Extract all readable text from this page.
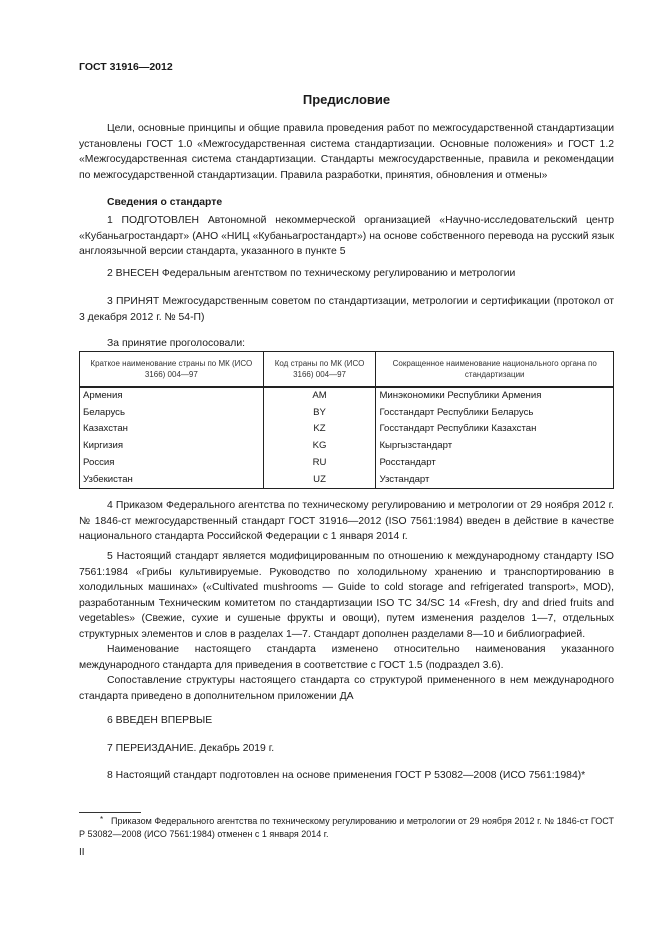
ГОСТ 31916—2012
Предисловие

Цели, основные принципы и общие правила проведения работ по межгосударственной стандартизации установлены ГОСТ 1.0 «Межгосударственная система стандартизации. Основные положения» и ГОСТ 1.2 «Межгосударственная система стандартизации. Стандарты межгосударственные, правила и рекомендации по межгосударственной стандартизации. Правила разработки, принятия, обновления и отмены»

Сведения о стандарте

1 ПОДГОТОВЛЕН Автономной некоммерческой организацией «Научно-исследовательский центр «Кубаньагростандарт» (АНО «НИЦ «Кубаньагростандарт») на основе собственного перевода на русский язык англоязычной версии стандарта, указанного в пункте 5

2 ВНЕСЕН Федеральным агентством по техническому регулированию и метрологии

3 ПРИНЯТ Межгосударственным советом по стандартизации, метрологии и сертификации (протокол от 3 декабря 2012 г. № 54-П)

За принятие проголосовали:
Краткое наименование страны по МК (ИСО 3166) 004—97	Код страны по МК (ИСО 3166) 004—97	Сокращенное наименование национального органа по стандартизации
Армения	AM	Минэкономики Республики Армения
Беларусь	BY	Госстандарт Республики Беларусь
Казахстан	KZ	Госстандарт Республики Казахстан
Киргизия	KG	Кыргызстандарт
Россия	RU	Росстандарт
Узбекистан	UZ	Узстандарт

4 Приказом Федерального агентства по техническому регулированию и метрологии от 29 ноября 2012 г. № 1846-ст межгосударственный стандарт ГОСТ 31916—2012 (ISO 7561:1984) введен в действие в качестве национального стандарта Российской Федерации с 1 января 2014 г.

5 Настоящий стандарт является модифицированным по отношению к международному стандарту ISO 7561:1984 «Грибы культивируемые. Руководство по холодильному хранению и транспортированию в холодильных машинах» («Cultivated mushrooms — Guide to cold storage and refrigerated transport», MOD), разработанным Техническим комитетом по стандартизации ISO TC 34/SC 14 «Fresh, dry and dried fruits and vegetables» (Свежие, сухие и сушеные фрукты и овощи), путем изменения разделов 1—7, отдельных структурных элементов и слов в разделах 1—7. Стандарт дополнен разделами 8—10 и библиографией.

Наименование настоящего стандарта изменено относительно наименования указанного международного стандарта для приведения в соответствие с ГОСТ 1.5 (подраздел 3.6).

Сопоставление структуры настоящего стандарта со структурой примененного в нем международного стандарта приведено в дополнительном приложении ДА

6 ВВЕДЕН ВПЕРВЫЕ

7 ПЕРЕИЗДАНИЕ. Декабрь 2019 г.

8 Настоящий стандарт подготовлен на основе применения ГОСТ Р 53082—2008 (ИСО 7561:1984)*

* Приказом Федерального агентства по техническому регулированию и метрологии от 29 ноября 2012 г. № 1846-ст ГОСТ Р 53082—2008 (ИСО 7561:1984) отменен с 1 января 2014 г.
II
